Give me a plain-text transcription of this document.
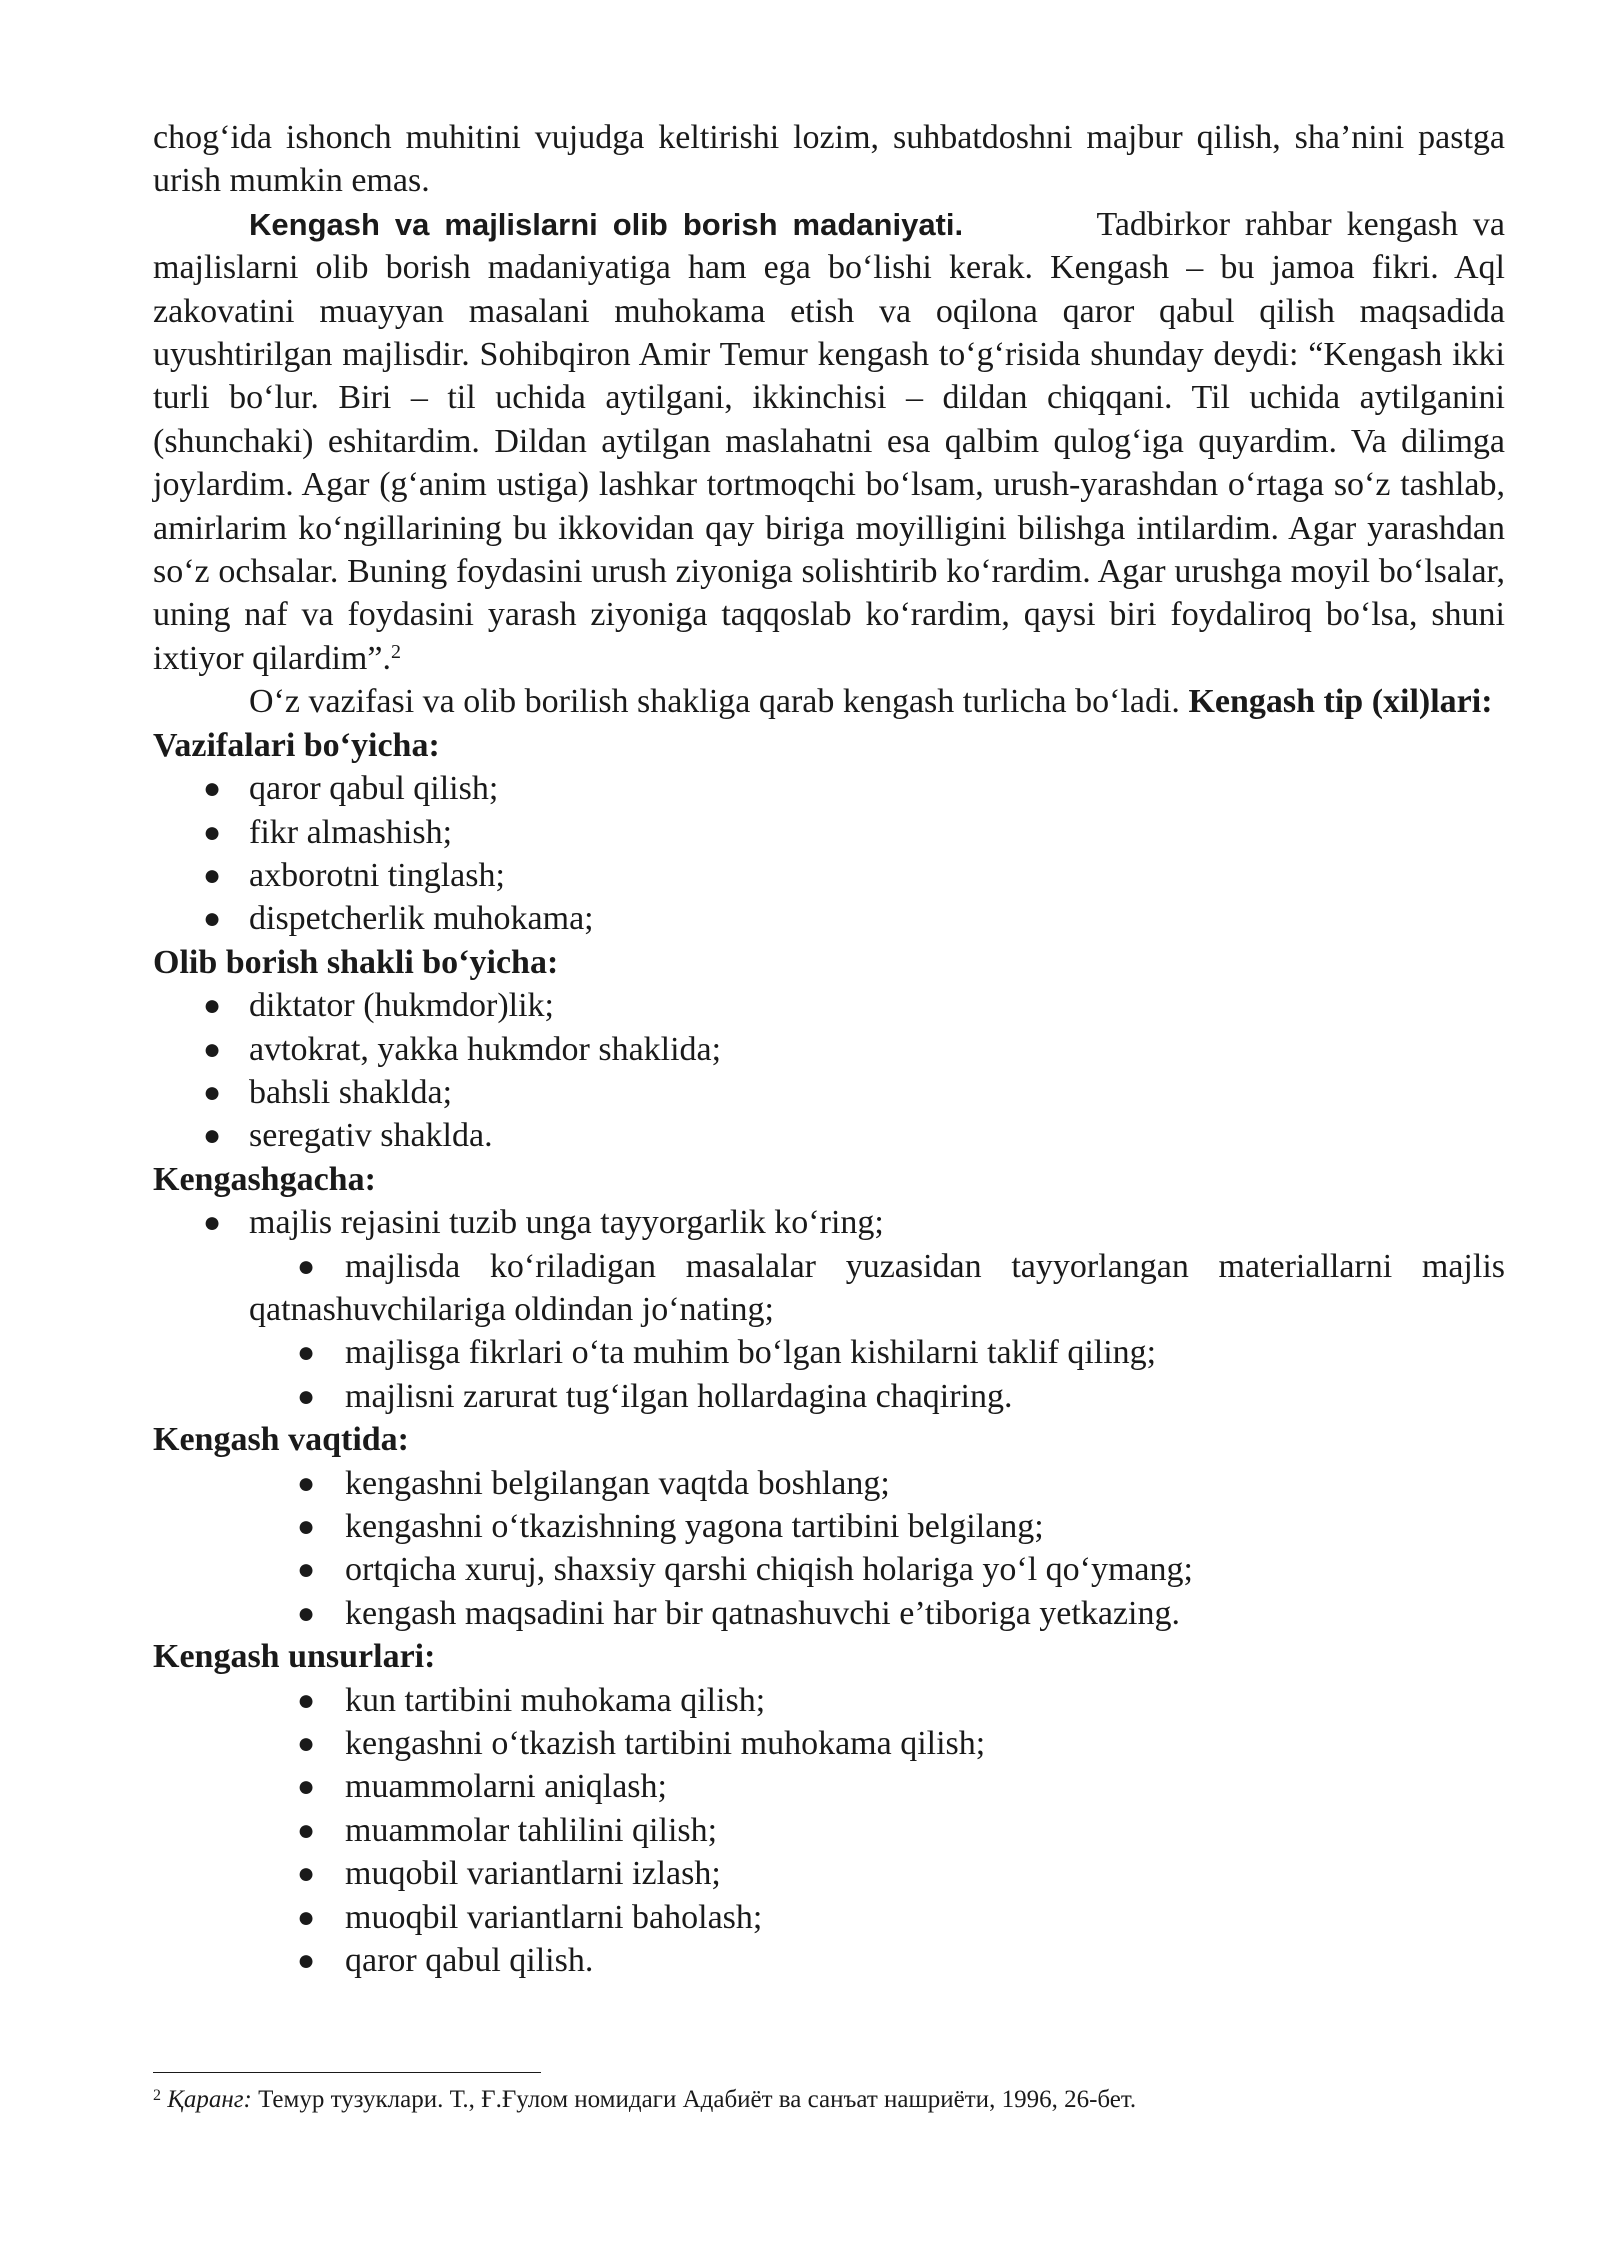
chogʻida ishonch muhitini vujudga keltirishi lozim, suhbatdoshni majbur qilish, sha’nini pastga urish mumkin emas.

Kengash va majlislarni olib borish madaniyati.	Tadbirkor rahbar kengash va majlislarni olib borish madaniyatiga ham ega boʻlishi kerak. Kengash – bu jamoa fikri. Aql zakovatini muayyan masalani muhokama etish va oqilona qaror qabul qilish maqsadida uyushtirilgan majlisdir. Sohibqiron Amir Temur kengash toʻgʻrisida shunday deydi: “Kengash ikki turli boʻlur. Biri – til uchida aytilgani, ikkinchisi – dildan chiqqani. Til uchida aytilganini (shunchaki) eshitardim. Dildan aytilgan maslahatni esa qalbim qulogʻiga quyardim. Va dilimga joylardim. Agar (gʻanim ustiga) lashkar tortmoqchi boʻlsam, urush-yarashdan oʻrtaga soʻz tashlab, amirlarim koʻngillarining bu ikkovidan qay biriga moyilligini bilishga intilardim. Agar yarashdan soʻz ochsalar. Buning foydasini urush ziyoniga solishtirib koʻrardim. Agar urushga moyil boʻlsalar, uning naf va foydasini yarash ziyoniga taqqoslab koʻrardim, qaysi biri foydaliroq boʻlsa, shuni ixtiyor qilardim”.$^2$

Oʻz vazifasi va olib borilish shakliga qarab kengash turlicha boʻladi. Kengash tip (xil)lari:

Vazifalari boʻyicha:

● qaror qabul qilish;
● fikr almashish;
● axborotni tinglash;
● dispetcherlik muhokama;

Olib borish shakli boʻyicha:

● diktator (hukmdor)lik;
● avtokrat, yakka hukmdor shaklida;
● bahsli shaklda;
● seregativ shaklda.

Kengashgacha:

● majlis rejasini tuzib unga tayyorgarlik koʻring;
● majlisda koʻriladigan masalalar yuzasidan tayyorlangan materiallarni majlis qatnashuvchilariga oldindan joʻnating;
● majlisga fikrlari oʻta muhim boʻlgan kishilarni taklif qiling;
● majlisni zarurat tugʻilgan hollardagina chaqiring.

Kengash vaqtida:

● kengashni belgilangan vaqtda boshlang;
● kengashni oʻtkazishning yagona tartibini belgilang;
● ortqicha xuruj, shaxsiy qarshi chiqish holariga yoʻl qoʻymang;
● kengash maqsadini har bir qatnashuvchi e’tiboriga yetkazing.

Kengash unsurlari:

● kun tartibini muhokama qilish;
● kengashni oʻtkazish tartibini muhokama qilish;
● muammolarni aniqlash;
● muammolar tahlilini qilish;
● muqobil variantlarni izlash;
● muoqbil variantlarni baholash;
● qaror qabul qilish.
$^2$ Қаранг: Темур тузуклари. Т., Ғ.Ғулом номидаги Адабиёт ва санъат нашриёти, 1996, 26-бет.
